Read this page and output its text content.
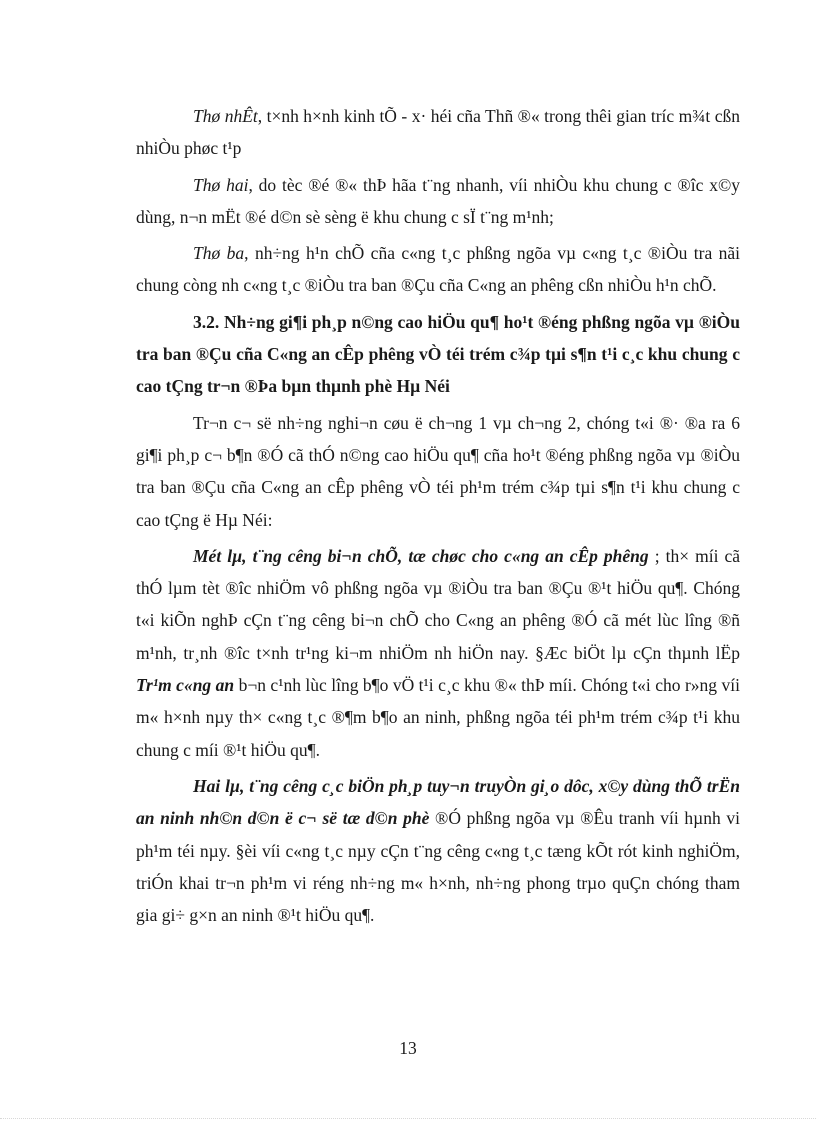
Thø nhÊt, t×nh h×nh kinh tÕ - x· héi cña Thñ ®« trong thêi gian tríc m¾t cßn nhiÒu phøc t¹p

Thø hai, do tèc ®é ®« thÞ hãa t¨ng nhanh, víi nhiÒu khu chung c ®îc x©y dùng, n¬n mËt ®é d©n sè sèng ë khu chung c sÏ t¨ng m¹nh;

Thø ba, nh÷ng h¹n chÕ cña c«ng t¸c phßng ngõa vµ c«ng t¸c ®iÒu tra nãi chung còng nh c«ng t¸c ®iÒu tra ban ®Çu cña C«ng an phêng cßn nhiÒu h¹n chÕ.

3.2. Nh÷ng gi¶i ph¸p n©ng cao hiÖu qu¶ ho¹t ®éng phßng ngõa vµ ®iÒu tra ban ®Çu cña C«ng an cÊp phêng vÒ téi trém c¾p tµi s¶n t¹i c¸c khu chung c cao tÇng tr¬n ®Þa bµn thµnh phè Hµ Néi

Tr¬n c¬ së nh÷ng nghi¬n cøu ë ch¬ng 1 vµ ch¬ng 2, chóng t«i ®· ®a ra 6 gi¶i ph¸p c¬ b¶n ®Ó cã thÓ n©ng cao hiÖu qu¶ cña ho¹t ®éng phßng ngõa vµ ®iÒu tra ban ®Çu cña C«ng an cÊp phêng vÒ téi ph¹m trém c¾p tµi s¶n t¹i khu chung c cao tÇng ë Hµ Néi:

Mét lµ, t¨ng cêng bi¬n chÕ, tæ chøc cho c«ng an cÊp phêng ; th× míi cã thÓ lµm tèt ®îc nhiÖm vô phßng ngõa vµ ®iÒu tra ban ®Çu ®¹t hiÖu qu¶. Chóng t«i kiÕn nghÞ cÇn t¨ng cêng bi¬n chÕ cho C«ng an phêng ®Ó cã mét lùc lîng ®ñ m¹nh, tr¸nh ®îc t×nh tr¹ng ki¬m nhiÖm nh hiÖn nay. §Æc biÖt lµ cÇn thµnh lËp Tr¹m c«ng an b¬n c¹nh lùc lîng b¶o vÖ t¹i c¸c khu ®« thÞ míi. Chóng t«i cho r»ng víi m« h×nh nµy th× c«ng t¸c ®¶m b¶o an ninh, phßng ngõa téi ph¹m trém c¾p t¹i khu chung c míi ®¹t hiÖu qu¶.

Hai lµ, t¨ng cêng c¸c biÖn ph¸p tuy¬n truyÒn gi¸o dôc, x©y dùng thÕ trËn an ninh nh©n d©n ë c¬ së tæ d©n phè ®Ó phßng ngõa vµ ®Êu tranh víi hµnh vi ph¹m téi nµy. §èi víi c«ng t¸c nµy cÇn t¨ng cêng c«ng t¸c tæng kÕt rót kinh nghiÖm, triÓn khai tr¬n ph¹m vi réng nh÷ng m« h×nh, nh÷ng phong trµo quÇn chóng tham gia gi÷ g×n an ninh ®¹t hiÖu qu¶.

13
